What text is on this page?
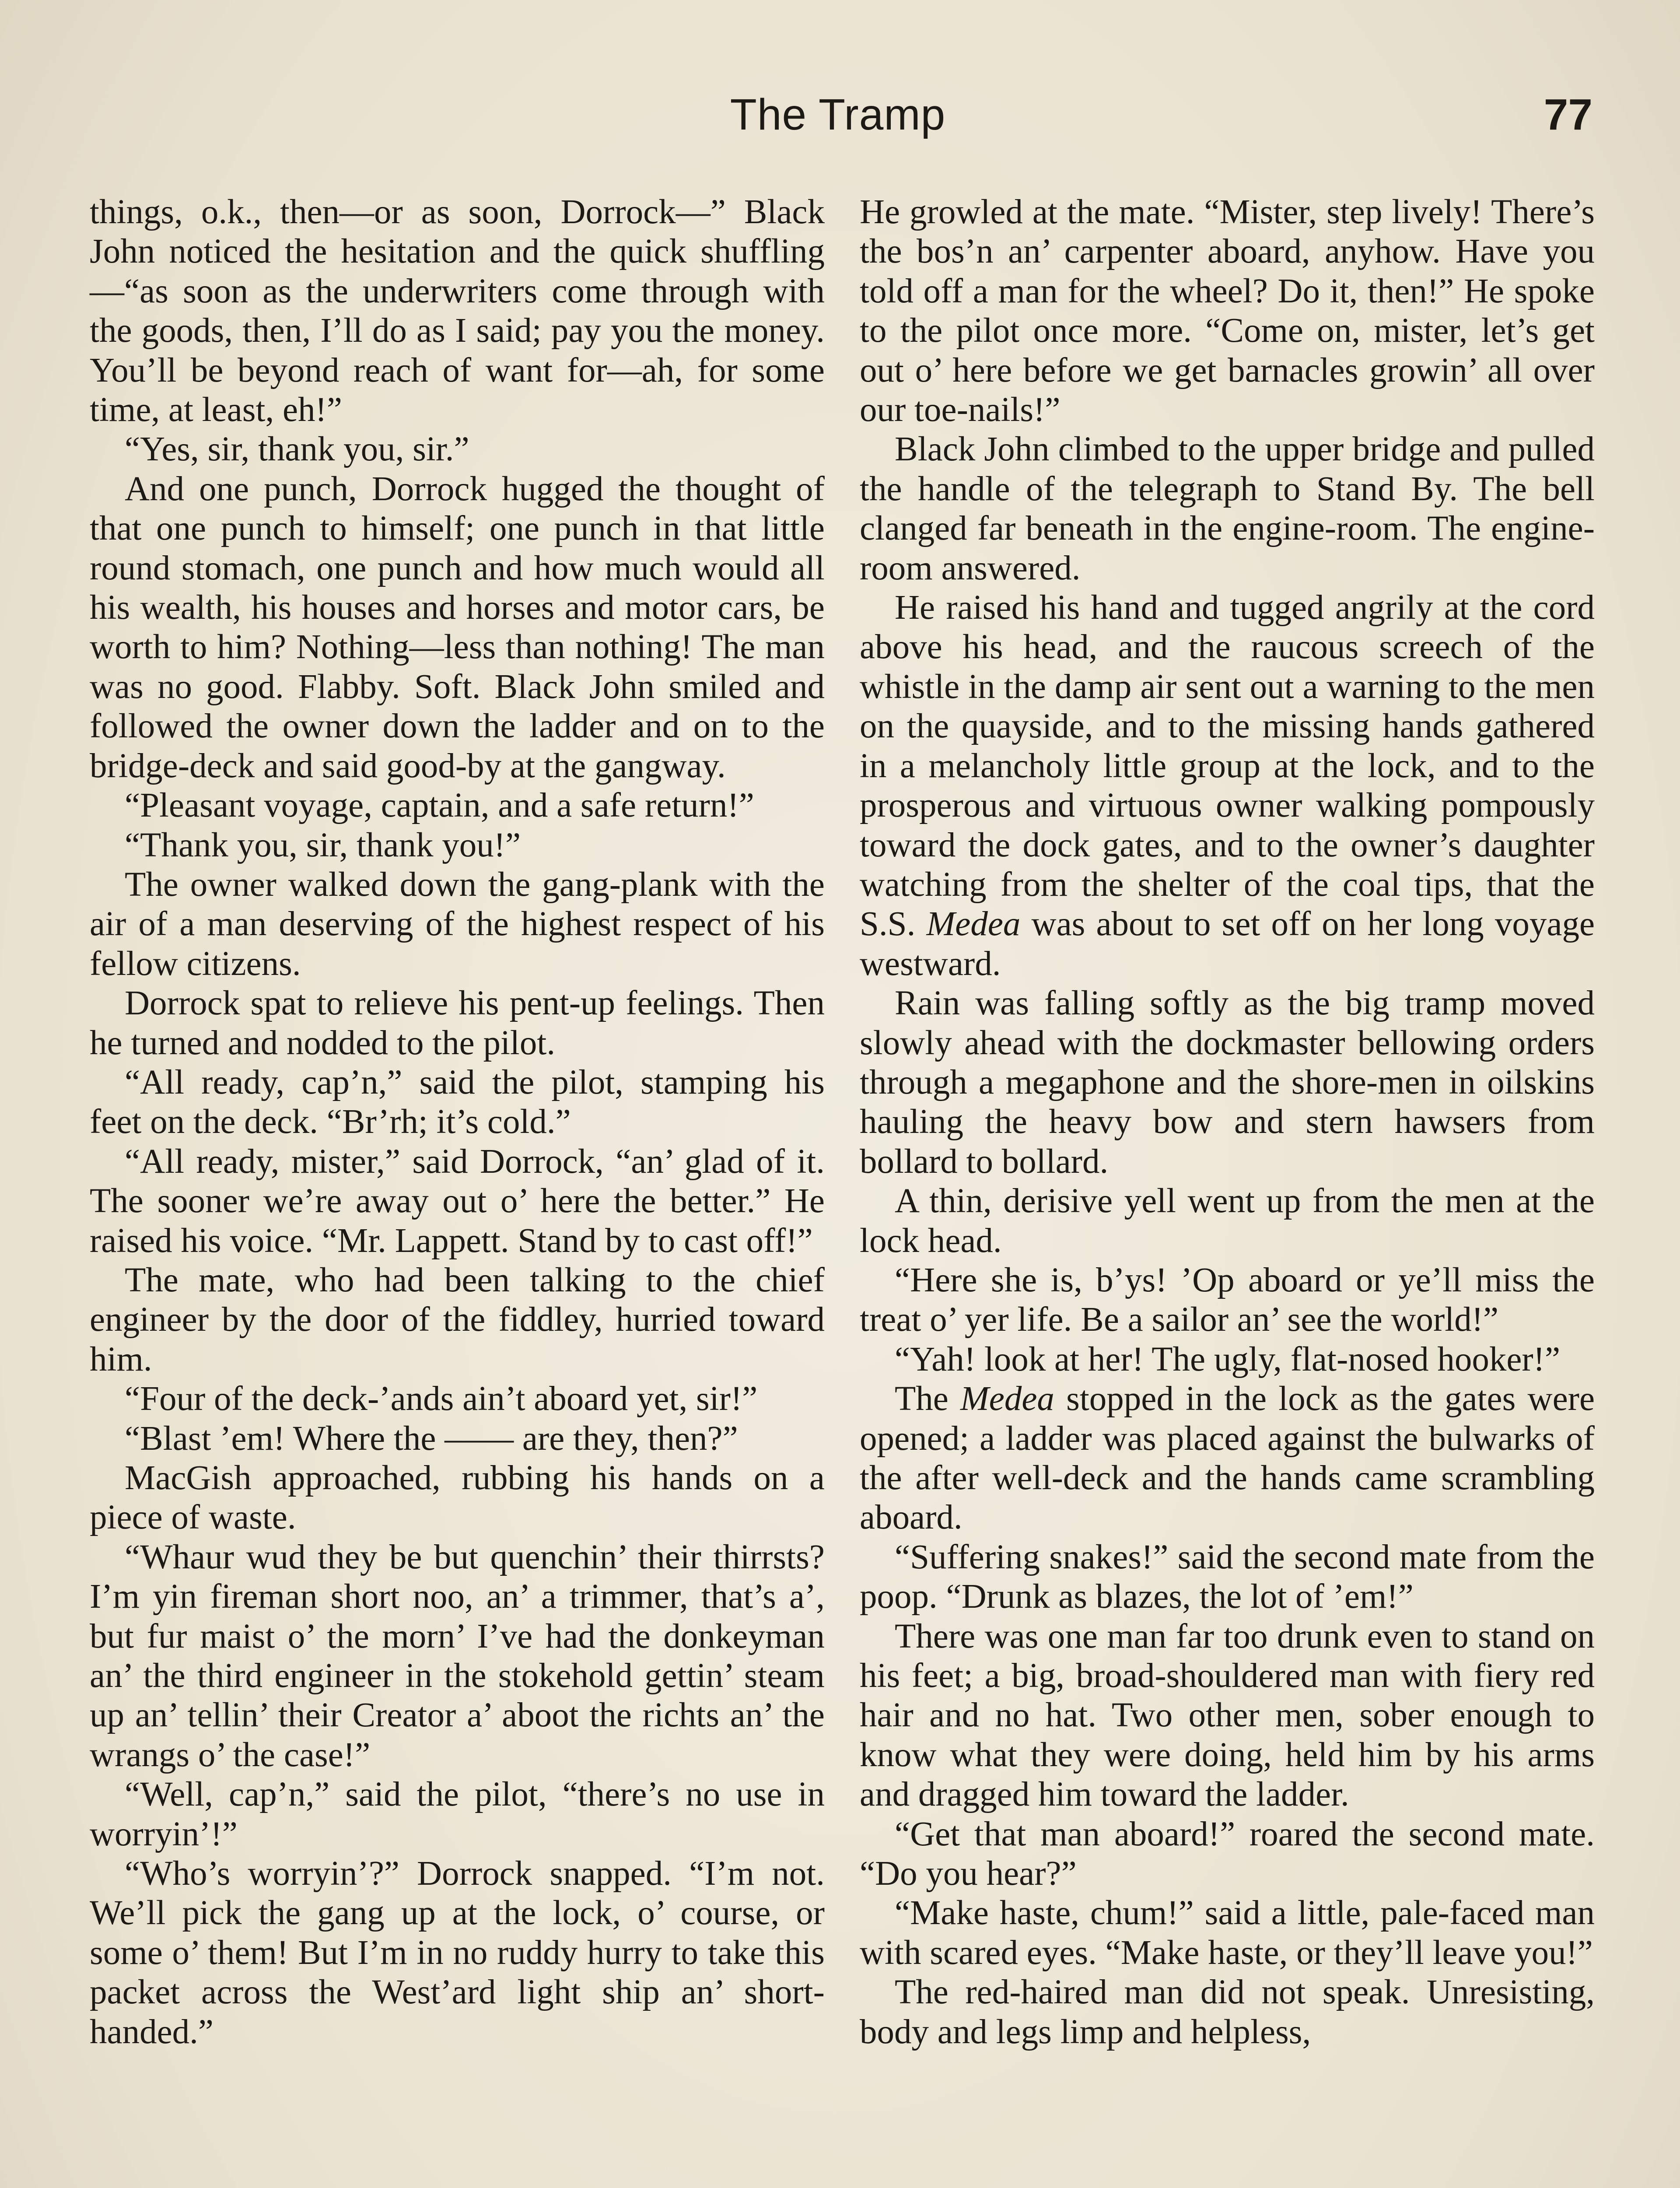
The Tramp	77

things, o.k., then—or as soon, Dorrock—” Black John noticed the hesitation and the quick shuffling—“as soon as the underwriters come through with the goods, then, I’ll do as I said; pay you the money. You’ll be beyond reach of want for—ah, for some time, at least, eh!”

“Yes, sir, thank you, sir.”

And one punch, Dorrock hugged the thought of that one punch to himself; one punch in that little round stomach, one punch and how much would all his wealth, his houses and horses and motor cars, be worth to him? Nothing—less than nothing! The man was no good. Flabby. Soft. Black John smiled and followed the owner down the ladder and on to the bridge-deck and said good-by at the gangway.

“Pleasant voyage, captain, and a safe return!”

“Thank you, sir, thank you!”

The owner walked down the gang-plank with the air of a man deserving of the highest respect of his fellow citizens.

Dorrock spat to relieve his pent-up feelings. Then he turned and nodded to the pilot.

“All ready, cap’n,” said the pilot, stamping his feet on the deck. “Br’rh; it’s cold.”

“All ready, mister,” said Dorrock, “an’ glad of it. The sooner we’re away out o’ here the better.” He raised his voice. “Mr. Lappett. Stand by to cast off!”

The mate, who had been talking to the chief engineer by the door of the fiddley, hurried toward him.

“Four of the deck-’ands ain’t aboard yet, sir!”

“Blast ’em! Where the —— are they, then?”

MacGish approached, rubbing his hands on a piece of waste.

“Whaur wud they be but quenchin’ their thirrsts? I’m yin fireman short noo, an’ a trimmer, that’s a’, but fur maist o’ the morn’ I’ve had the donkeyman an’ the third engineer in the stokehold gettin’ steam up an’ tellin’ their Creator a’ aboot the richts an’ the wrangs o’ the case!”

“Well, cap’n,” said the pilot, “there’s no use in worryin’!”

“Who’s worryin’?” Dorrock snapped. “I’m not. We’ll pick the gang up at the lock, o’ course, or some o’ them! But I’m in no ruddy hurry to take this packet across the West’ard light ship an’ short-handed.”

He growled at the mate. “Mister, step lively! There’s the bos’n an’ carpenter aboard, anyhow. Have you told off a man for the wheel? Do it, then!” He spoke to the pilot once more. “Come on, mister, let’s get out o’ here before we get barnacles growin’ all over our toe-nails!”

Black John climbed to the upper bridge and pulled the handle of the telegraph to Stand By. The bell clanged far beneath in the engine-room. The engine-room answered.

He raised his hand and tugged angrily at the cord above his head, and the raucous screech of the whistle in the damp air sent out a warning to the men on the quayside, and to the missing hands gathered in a melancholy little group at the lock, and to the prosperous and virtuous owner walking pompously toward the dock gates, and to the owner’s daughter watching from the shelter of the coal tips, that the S.S. Medea was about to set off on her long voyage westward.

Rain was falling softly as the big tramp moved slowly ahead with the dockmaster bellowing orders through a megaphone and the shore-men in oilskins hauling the heavy bow and stern hawsers from bollard to bollard.

A thin, derisive yell went up from the men at the lock head.

“Here she is, b’ys! ’Op aboard or ye’ll miss the treat o’ yer life. Be a sailor an’ see the world!”

“Yah! look at her! The ugly, flat-nosed hooker!”

The Medea stopped in the lock as the gates were opened; a ladder was placed against the bulwarks of the after well-deck and the hands came scrambling aboard.

“Suffering snakes!” said the second mate from the poop. “Drunk as blazes, the lot of ’em!”

There was one man far too drunk even to stand on his feet; a big, broad-shouldered man with fiery red hair and no hat. Two other men, sober enough to know what they were doing, held him by his arms and dragged him toward the ladder.

“Get that man aboard!” roared the second mate. “Do you hear?”

“Make haste, chum!” said a little, pale-faced man with scared eyes. “Make haste, or they’ll leave you!”

The red-haired man did not speak. Unresisting, body and legs limp and helpless,
